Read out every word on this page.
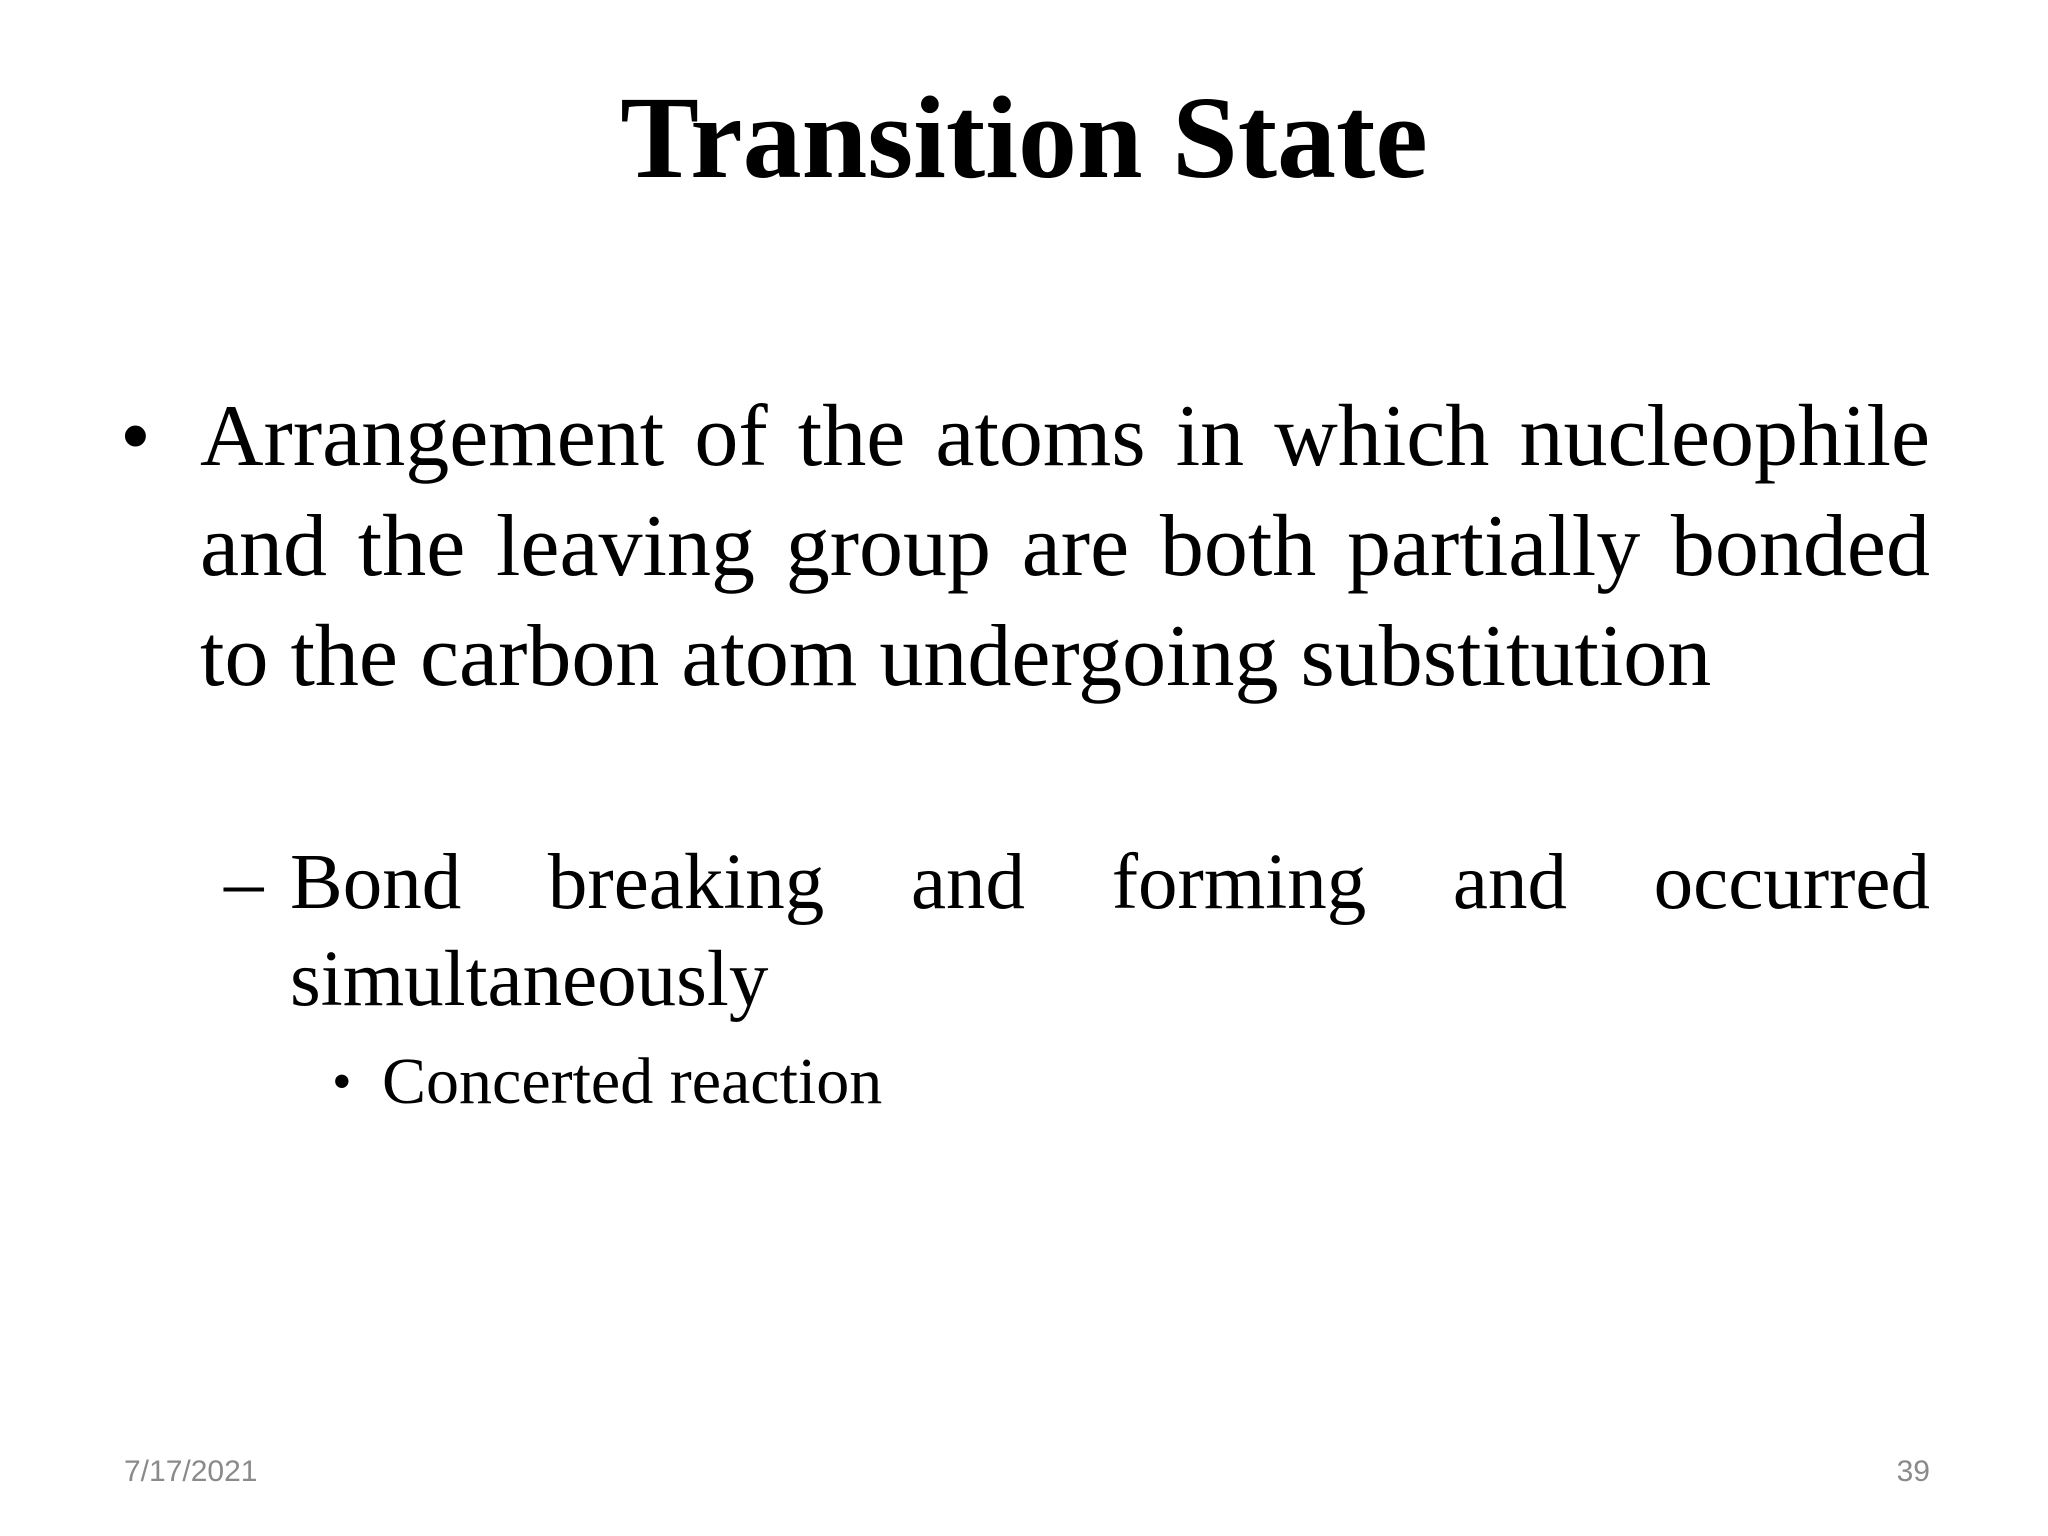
Transition State

• Arrangement of the atoms in which nucleophile and the leaving group are both partially bonded to the carbon atom undergoing substitution

– Bond breaking and forming and occurred simultaneously

• Concerted reaction

7/17/2021	39
